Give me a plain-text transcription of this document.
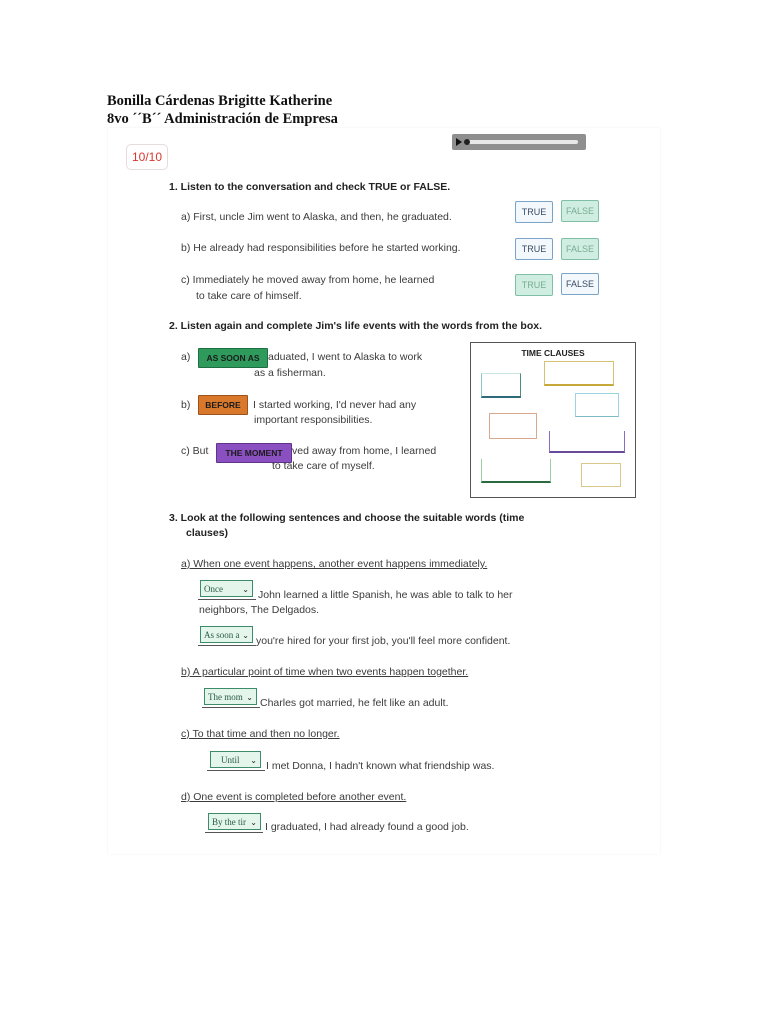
Bonilla Cárdenas Brigitte Katherine
8vo ´´B´´ Administración de Empresa
10/10
1. Listen to the conversation and check TRUE or FALSE.
a) First, uncle Jim went to Alaska, and then, he graduated.	TRUE	FALSE
b) He already had responsibilities before he started working.	TRUE	FALSE
c) Immediately he moved away from home, he learned
to take care of himself.
TRUE	FALSE
2. Listen again and complete Jim's life events with the words from the box.
a)	AS SOON AS aduated, I went to Alaska to work
as a fisherman.
b)	BEFORE	I started working, I'd never had any
important responsibilities.
c) But	THE MOMENT ved away from home, I learned
to take care of myself.
TIME CLAUSES
3. Look at the following sentences and choose the suitable words (time
clauses)
a) When one event happens, another event happens immediately.
Once ⌄ John learned a little Spanish, he was able to talk to her
neighbors, The Delgados.
As soon a ⌄ you're hired for your first job, you'll feel more confident.
b) A particular point of time when two events happen together.
The mom ⌄ Charles got married, he felt like an adult.
c) To that time and then no longer.
Until ⌄ I met Donna, I hadn't known what friendship was.
d) One event is completed before another event.
By the tir ⌄ I graduated, I had already found a good job.
